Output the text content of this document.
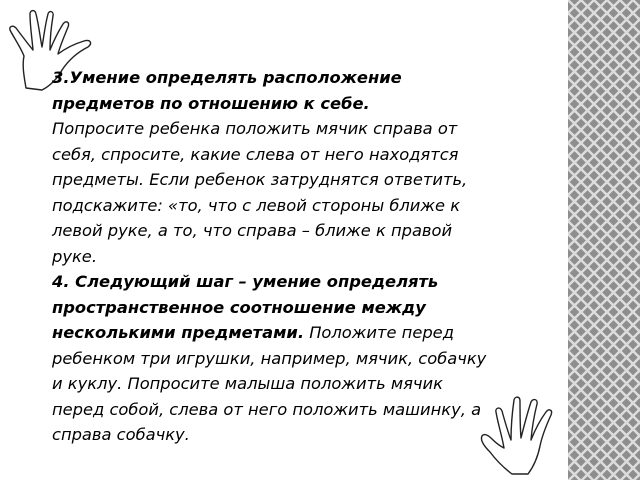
3.Умение определять расположение
предметов по отношению к себе.
Попросите ребенка положить мячик справа от
себя, спросите, какие слева от него находятся
предметы. Если ребенок затруднятся ответить,
подскажите: «то, что с левой стороны ближе к
левой руке, а то, что справа – ближе к правой
руке.
4. Следующий шаг – умение определять
пространственное соотношение между
несколькими предметами. Положите перед
ребенком три игрушки, например, мячик, собачку
и куклу. Попросите малыша положить мячик
перед собой, слева от него положить машинку, а
справа собачку.
